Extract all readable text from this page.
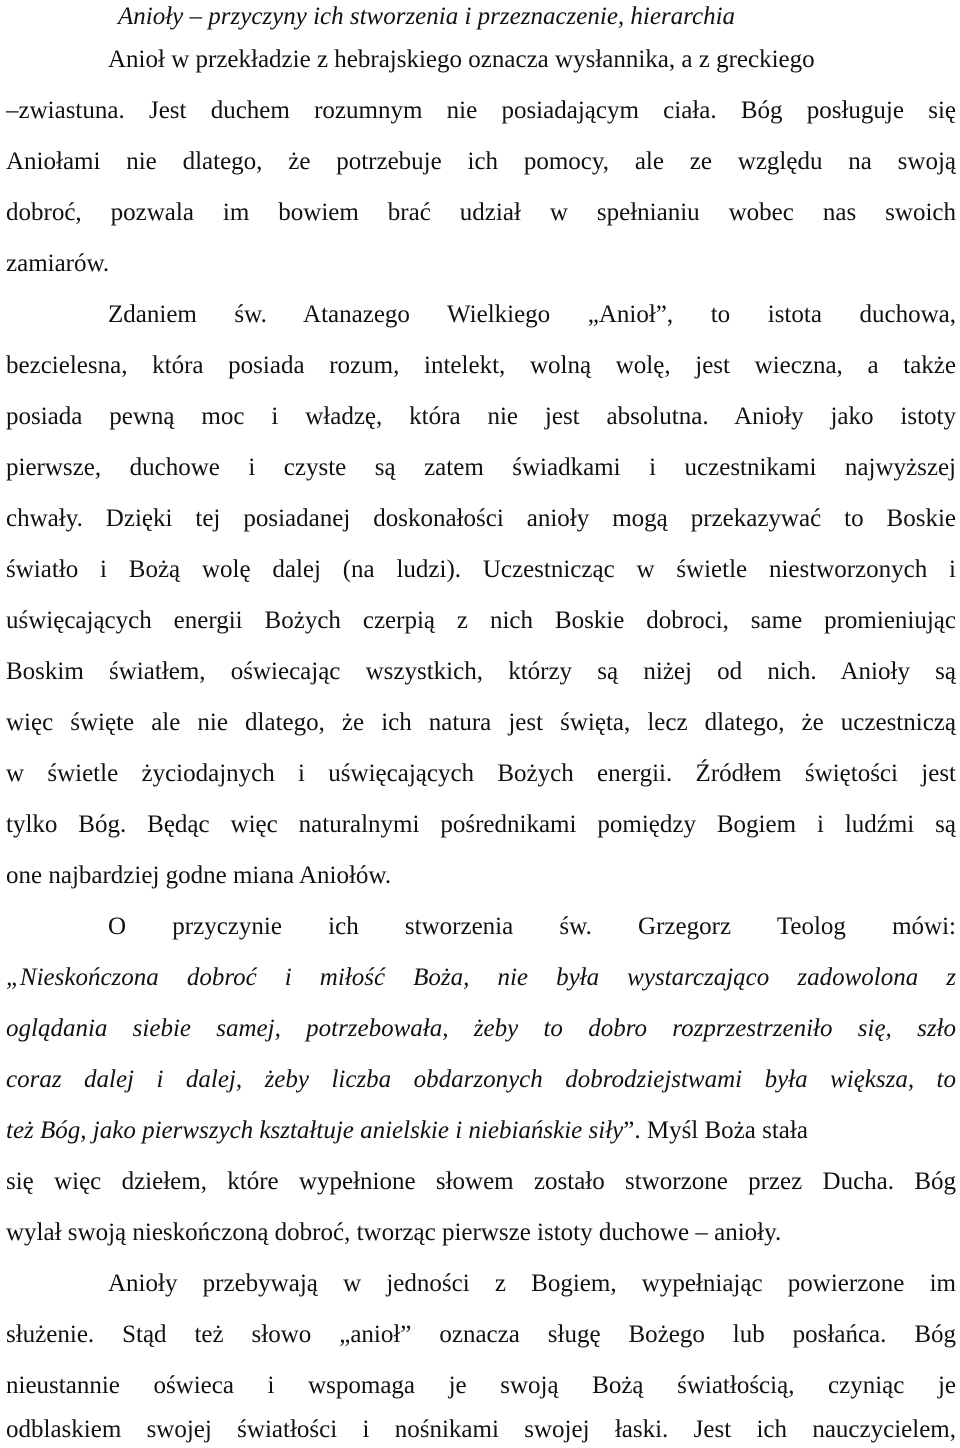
Anioły – przyczyny ich stworzenia i przeznaczenie, hierarchia
Anioł w przekładzie z hebrajskiego oznacza wysłannika, a z greckiego
–zwiastuna. Jest duchem rozumnym nie posiadającym ciała. Bóg posługuje się
Aniołami nie dlatego, że potrzebuje ich pomocy, ale ze względu na swoją
dobroć, pozwala im bowiem brać udział w spełnianiu wobec nas swoich
zamiarów.
Zdaniem św. Atanazego Wielkiego „Anioł”, to istota duchowa,
bezcielesna, która posiada rozum, intelekt, wolną wolę, jest wieczna, a także
posiada pewną moc i władzę, która nie jest absolutna. Anioły jako istoty
pierwsze, duchowe i czyste są zatem świadkami i uczestnikami najwyższej
chwały. Dzięki tej posiadanej doskonałości anioły mogą przekazywać to Boskie
światło i Bożą wolę dalej (na ludzi). Uczestnicząc w świetle niestworzonych i
uświęcających energii Bożych czerpią z nich Boskie dobroci, same promieniując
Boskim światłem, oświecając wszystkich, którzy są niżej od nich. Anioły są
więc święte ale nie dlatego, że ich natura jest święta, lecz dlatego, że uczestniczą
w świetle życiodajnych i uświęcających Bożych energii. Źródłem świętości jest
tylko Bóg. Będąc więc naturalnymi pośrednikami pomiędzy Bogiem i ludźmi są
one najbardziej godne miana Aniołów.
O przyczynie ich stworzenia św. Grzegorz Teolog mówi:
„Nieskończona dobroć i miłość Boża, nie była wystarczająco zadowolona z
oglądania siebie samej, potrzebowała, żeby to dobro rozprzestrzeniło się, szło
coraz dalej i dalej, żeby liczba obdarzonych dobrodziejstwami była większa, to
też Bóg, jako pierwszych kształtuje anielskie i niebiańskie siły”. Myśl Boża stała
się więc dziełem, które wypełnione słowem zostało stworzone przez Ducha. Bóg
wylał swoją nieskończoną dobroć, tworząc pierwsze istoty duchowe – anioły.
Anioły przebywają w jedności z Bogiem, wypełniając powierzone im
służenie. Stąd też słowo „anioł” oznacza sługę Bożego lub posłańca. Bóg
nieustannie oświeca i wspomaga je swoją Bożą światłością, czyniąc je
odblaskiem swojej światłości i nośnikami swojej łaski. Jest ich nauczycielem,
